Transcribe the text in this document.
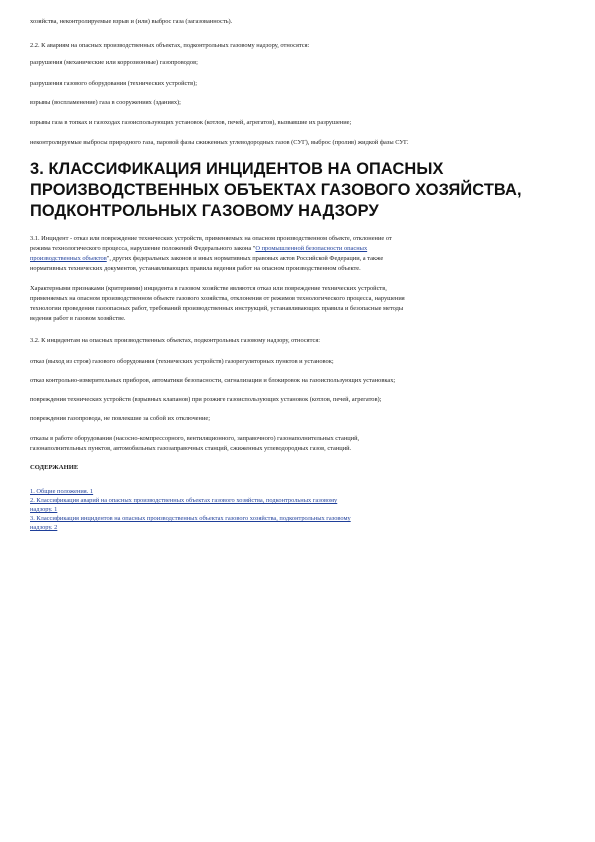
хозяйства, неконтролируемые взрыв и (или) выброс газа (загазованность).

2.2. К авариям на опасных производственных объектах, подконтрольных газовому надзору, относятся:

разрушения (механические или коррозионные) газопроводов;

разрушения газового оборудования (технических устройств);

взрывы (воспламенение) газа в сооружениях (зданиях);

взрывы газа в топках и газоходах газоиспользующих установок (котлов, печей, агрегатов), вызвавшие их разрушение;

неконтролируемые выбросы природного газа, паровой фазы сжиженных углеводородных газов (СУГ), выброс (пролив) жидкой фазы СУГ.

3. КЛАССИФИКАЦИЯ ИНЦИДЕНТОВ НА ОПАСНЫХ

ПРОИЗВОДСТВЕННЫХ ОБЪЕКТАХ ГАЗОВОГО ХОЗЯЙСТВА,

ПОДКОНТРОЛЬНЫХ ГАЗОВОМУ НАДЗОРУ

3.1. Инцидент - отказ или повреждение технических устройств, применяемых на опасном производственном объекте, отклонение от

режима технологического процесса, нарушение положений Федерального закона "О промышленной безопасности опасных

производственных объектов", других федеральных законов и иных нормативных правовых актов Российской Федерации, а также

нормативных технических документов, устанавливающих правила ведения работ на опасном производственном объекте.

Характерными признаками (критериями) инцидента в газовом хозяйстве являются отказ или повреждение технических устройств,

применяемых на опасном производственном объекте газового хозяйства, отклонения от режимов технологического процесса, нарушения

технологии проведения газоопасных работ, требований производственных инструкций, устанавливающих правила и безопасные методы

ведения работ в газовом хозяйстве.

3.2. К инцидентам на опасных производственных объектах, подконтрольных газовому надзору, относятся:

отказ (выход из строя) газового оборудования (технических устройств) газорегуляторных пунктов и установок;

отказ контрольно-измерительных приборов, автоматики безопасности, сигнализации и блокировок на газоиспользующих установках;

повреждения технических устройств (взрывных клапанов) при розжиге газоиспользующих установок (котлов, печей, агрегатов);

повреждения газопровода, не повлекшие за собой их отключение;

отказы в работе оборудования (насосно-компрессорного, вентиляционного, заправочного) газонаполнительных станций,

газонаполнительных пунктов, автомобильных газозаправочных станций, сжиженных углеводородных газов, станций.

СОДЕРЖАНИЕ

1. Общие положения. 1
2. Классификация аварий на опасных производственных объектах газового хозяйства, подконтрольных газовому
надзору. 1
3. Классификация инцидентов на опасных производственных объектах газового хозяйства, подконтрольных газовому
надзору. 2
